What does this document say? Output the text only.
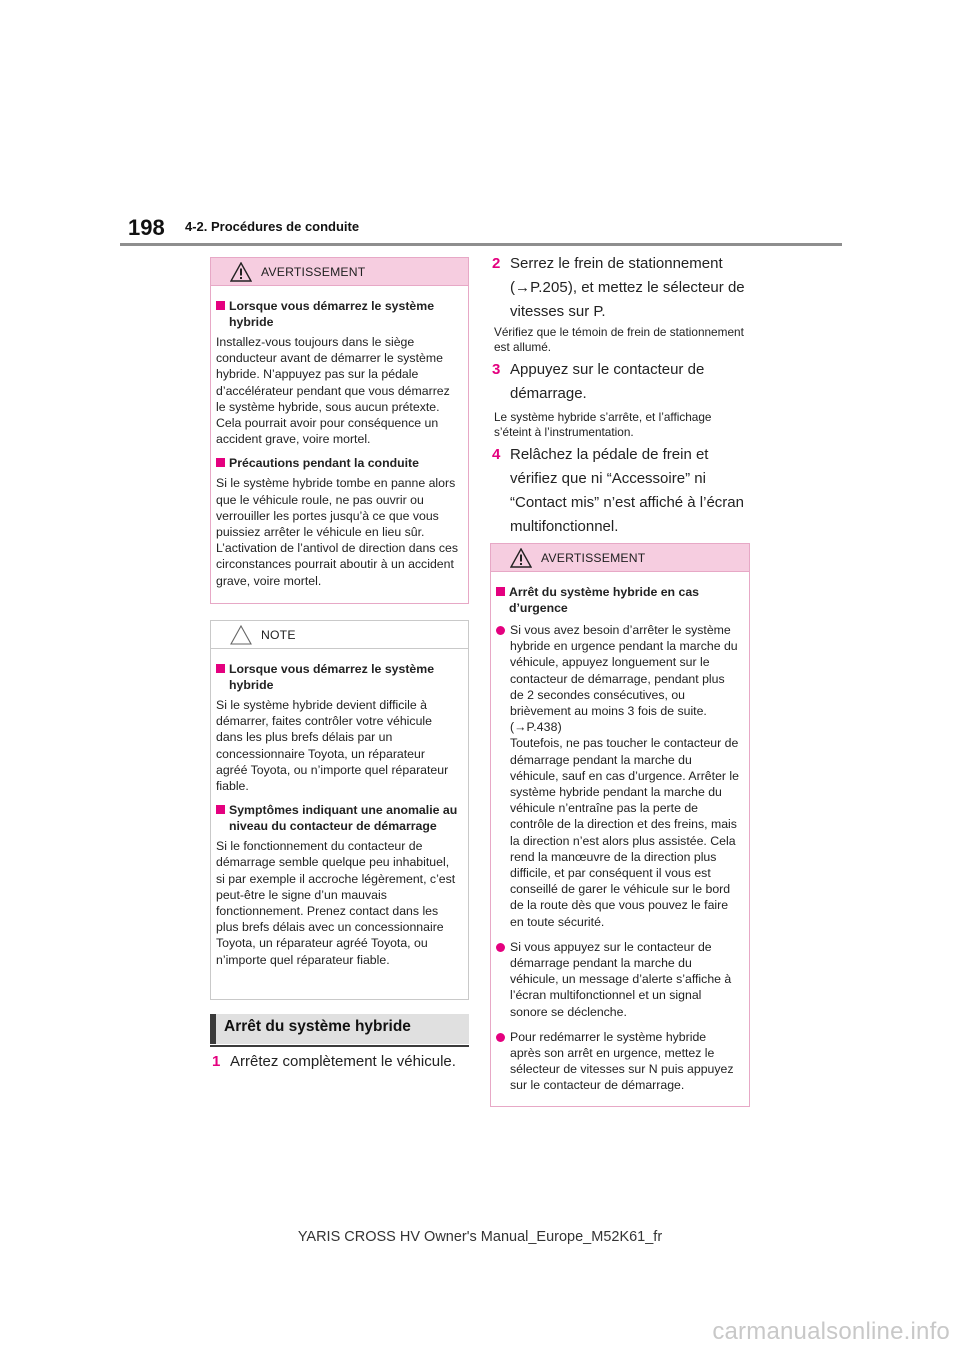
198 4-2. Procédures de conduite
AVERTISSEMENT
Lorsque vous démarrez le système hybride
Installez-vous toujours dans le siège conducteur avant de démarrer le système hybride. N’appuyez pas sur la pédale d’accélérateur pendant que vous démarrez le système hybride, sous aucun prétexte.
Cela pourrait avoir pour conséquence un accident grave, voire mortel.
Précautions pendant la conduite
Si le système hybride tombe en panne alors que le véhicule roule, ne pas ouvrir ou verrouiller les portes jusqu’à ce que vous puissiez arrêter le véhicule en lieu sûr. L’activation de l’antivol de direction dans ces circonstances pourrait aboutir à un accident grave, voire mortel.
NOTE
Lorsque vous démarrez le système hybride
Si le système hybride devient difficile à démarrer, faites contrôler votre véhicule dans les plus brefs délais par un concessionnaire Toyota, un réparateur agréé Toyota, ou n’importe quel réparateur fiable.
Symptômes indiquant une anomalie au niveau du contacteur de démarrage
Si le fonctionnement du contacteur de démarrage semble quelque peu inhabituel, si par exemple il accroche légèrement, c’est peut-être le signe d’un mauvais fonctionnement. Prenez contact dans les plus brefs délais avec un concessionnaire Toyota, un réparateur agréé Toyota, ou n’importe quel réparateur fiable.
Arrêt du système hybride
1 Arrêtez complètement le véhicule.
2 Serrez le frein de stationnement (→P.205), et mettez le sélecteur de vitesses sur P.
Vérifiez que le témoin de frein de stationnement est allumé.
3 Appuyez sur le contacteur de démarrage.
Le système hybride s’arrête, et l’affichage s’éteint à l’instrumentation.
4 Relâchez la pédale de frein et vérifiez que ni “Accessoire” ni “Contact mis” n’est affiché à l’écran multifonctionnel.
AVERTISSEMENT
Arrêt du système hybride en cas d’urgence
Si vous avez besoin d’arrêter le système hybride en urgence pendant la marche du véhicule, appuyez longuement sur le contacteur de démarrage, pendant plus de 2 secondes consécutives, ou brièvement au moins 3 fois de suite. (→P.438)
Toutefois, ne pas toucher le contacteur de démarrage pendant la marche du véhicule, sauf en cas d’urgence. Arrêter le système hybride pendant la marche du véhicule n’entraîne pas la perte de contrôle de la direction et des freins, mais la direction n’est alors plus assistée. Cela rend la manœuvre de la direction plus difficile, et par conséquent il vous est conseillé de garer le véhicule sur le bord de la route dès que vous pouvez le faire en toute sécurité.
Si vous appuyez sur le contacteur de démarrage pendant la marche du véhicule, un message d’alerte s’affiche à l’écran multifonctionnel et un signal sonore se déclenche.
Pour redémarrer le système hybride après son arrêt en urgence, mettez le sélecteur de vitesses sur N puis appuyez sur le contacteur de démarrage.
YARIS CROSS HV Owner's Manual_Europe_M52K61_fr
carmanualsonline.info
